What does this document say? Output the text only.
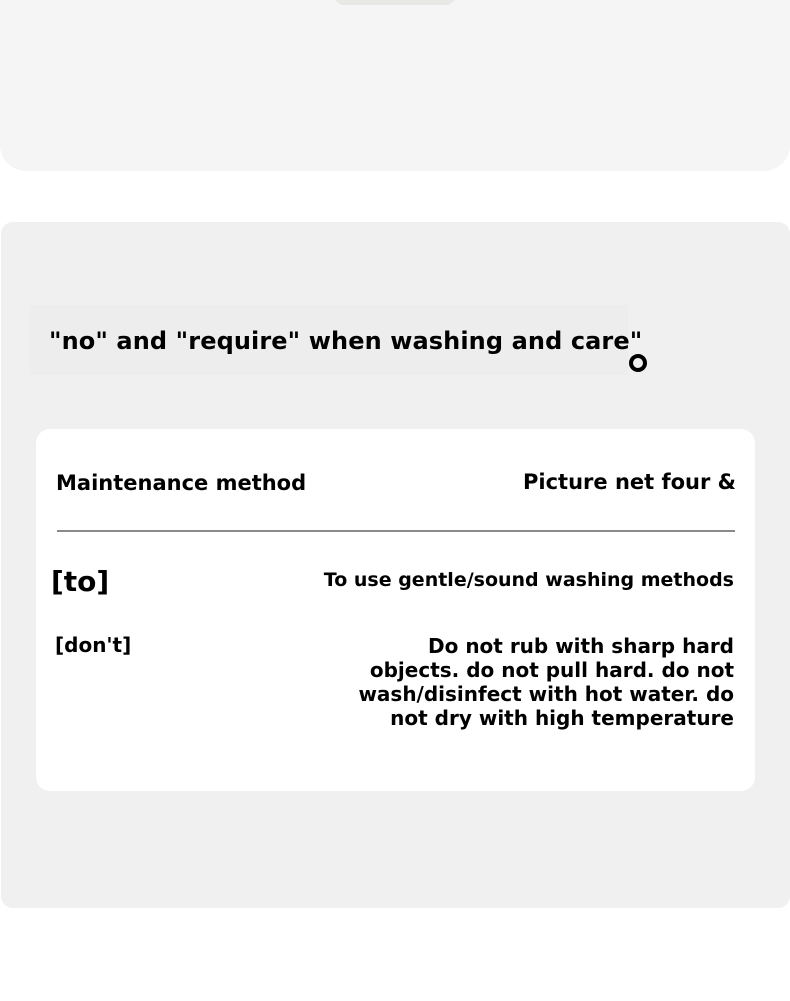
"no" and "require" when washing and care"
Maintenance method	Picture net four &
[to]	To use gentle/sound washing methods
[don't]	Do not rub with sharp hard objects. do not pull hard. do not wash/disinfect with hot water. do not dry with high temperature
